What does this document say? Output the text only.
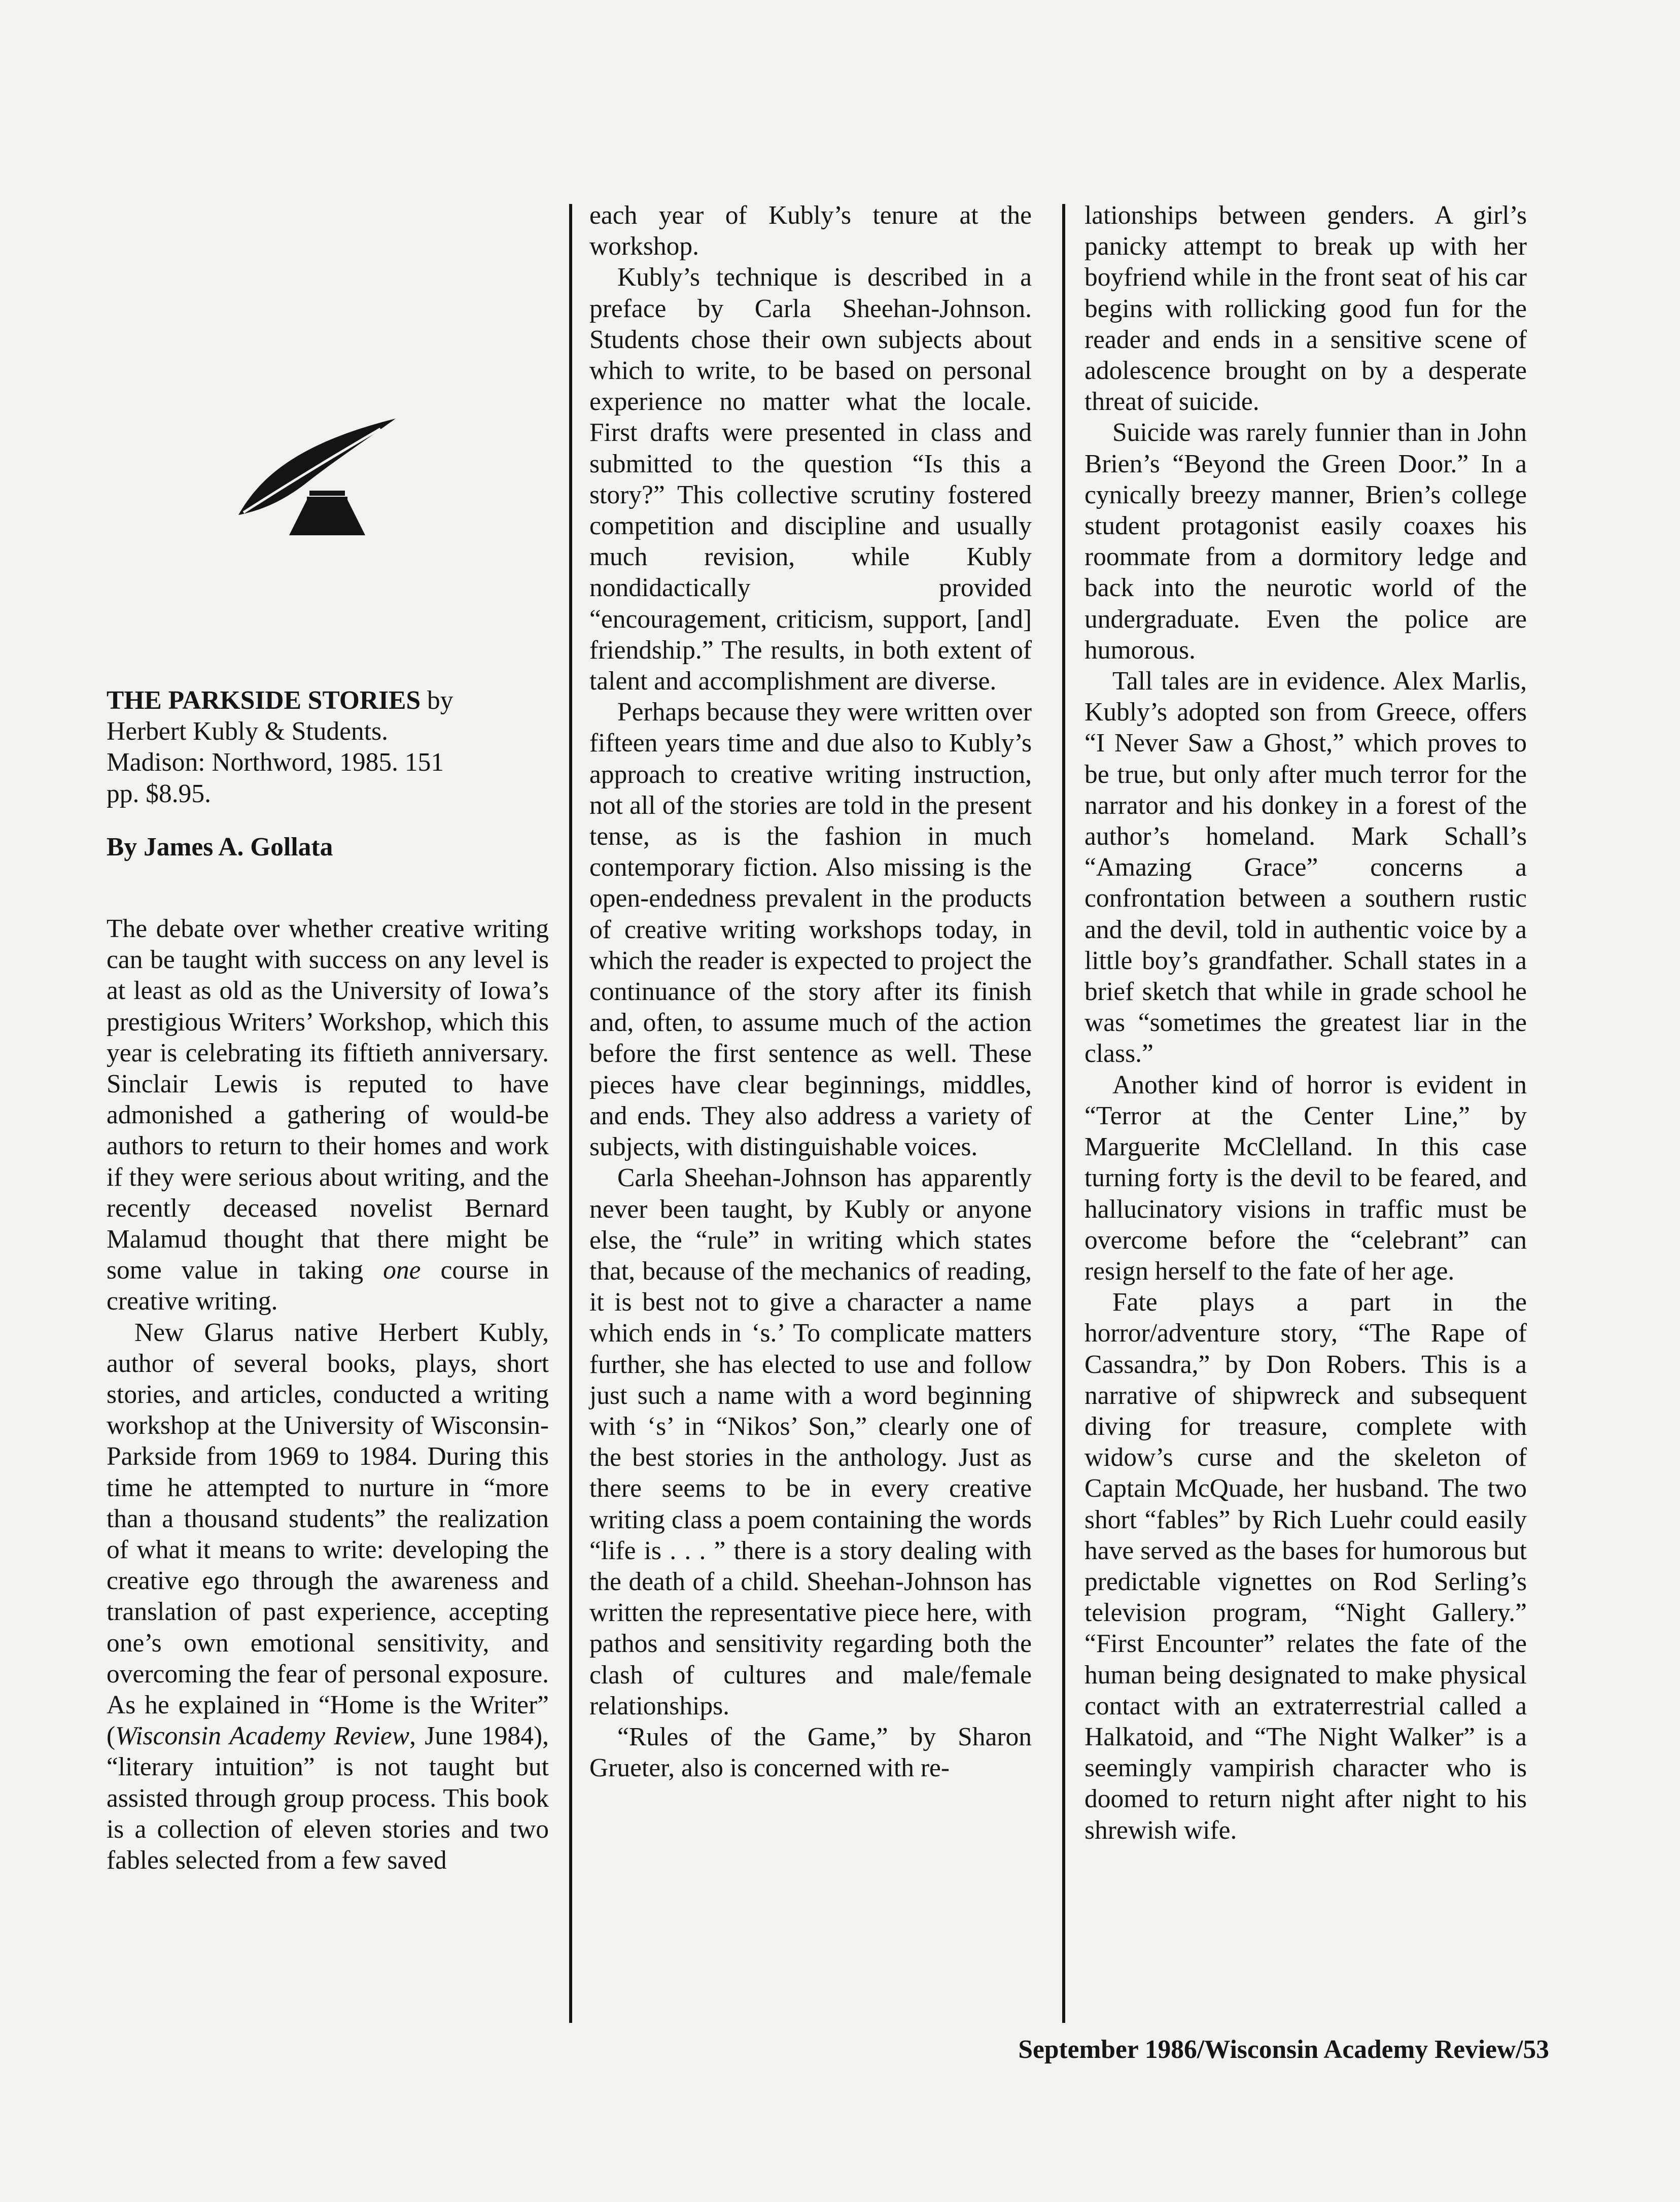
THE PARKSIDE STORIES by
Herbert Kubly & Students.
Madison: Northword, 1985. 151
pp. $8.95.
By James A. Gollata

The debate over whether creative writing can be taught with success on any level is at least as old as the University of Iowa’s prestigious Writers’ Workshop, which this year is celebrating its fiftieth anniversary. Sinclair Lewis is reputed to have admonished a gathering of would-be authors to return to their homes and work if they were serious about writing, and the recently deceased novelist Bernard Malamud thought that there might be some value in taking one course in creative writing.

New Glarus native Herbert Kubly, author of several books, plays, short stories, and articles, conducted a writing workshop at the University of Wisconsin-Parkside from 1969 to 1984. During this time he attempted to nurture in “more than a thousand students” the realization of what it means to write: developing the creative ego through the awareness and translation of past experience, accepting one’s own emotional sensitivity, and overcoming the fear of personal exposure. As he explained in “Home is the Writer” (Wisconsin Academy Review, June 1984), “literary intuition” is not taught but assisted through group process. This book is a collection of eleven stories and two fables selected from a few saved

each year of Kubly’s tenure at the workshop.

Kubly’s technique is described in a preface by Carla Sheehan-Johnson. Students chose their own subjects about which to write, to be based on personal experience no matter what the locale. First drafts were presented in class and submitted to the question “Is this a story?” This collective scrutiny fostered competition and discipline and usually much revision, while Kubly nondidactically provided “encouragement, criticism, support, [and] friendship.” The results, in both extent of talent and accomplishment are diverse.

Perhaps because they were written over fifteen years time and due also to Kubly’s approach to creative writing instruction, not all of the stories are told in the present tense, as is the fashion in much contemporary fiction. Also missing is the open-endedness prevalent in the products of creative writing workshops today, in which the reader is expected to project the continuance of the story after its finish and, often, to assume much of the action before the first sentence as well. These pieces have clear beginnings, middles, and ends. They also address a variety of subjects, with distinguishable voices.

Carla Sheehan-Johnson has apparently never been taught, by Kubly or anyone else, the “rule” in writing which states that, because of the mechanics of reading, it is best not to give a character a name which ends in ‘s.’ To complicate matters further, she has elected to use and follow just such a name with a word beginning with ‘s’ in “Nikos’ Son,” clearly one of the best stories in the anthology. Just as there seems to be in every creative writing class a poem containing the words “life is . . . ” there is a story dealing with the death of a child. Sheehan-Johnson has written the representative piece here, with pathos and sensitivity regarding both the clash of cultures and male/female relationships.

“Rules of the Game,” by Sharon Grueter, also is concerned with re-

lationships between genders. A girl’s panicky attempt to break up with her boyfriend while in the front seat of his car begins with rollicking good fun for the reader and ends in a sensitive scene of adolescence brought on by a desperate threat of suicide.

Suicide was rarely funnier than in John Brien’s “Beyond the Green Door.” In a cynically breezy manner, Brien’s college student protagonist easily coaxes his roommate from a dormitory ledge and back into the neurotic world of the undergraduate. Even the police are humorous.

Tall tales are in evidence. Alex Marlis, Kubly’s adopted son from Greece, offers “I Never Saw a Ghost,” which proves to be true, but only after much terror for the narrator and his donkey in a forest of the author’s homeland. Mark Schall’s “Amazing Grace” concerns a confrontation between a southern rustic and the devil, told in authentic voice by a little boy’s grandfather. Schall states in a brief sketch that while in grade school he was “sometimes the greatest liar in the class.”

Another kind of horror is evident in “Terror at the Center Line,” by Marguerite McClelland. In this case turning forty is the devil to be feared, and hallucinatory visions in traffic must be overcome before the “celebrant” can resign herself to the fate of her age.

Fate plays a part in the horror/adventure story, “The Rape of Cassandra,” by Don Robers. This is a narrative of shipwreck and subsequent diving for treasure, complete with widow’s curse and the skeleton of Captain McQuade, her husband. The two short “fables” by Rich Luehr could easily have served as the bases for humorous but predictable vignettes on Rod Serling’s television program, “Night Gallery.” “First Encounter” relates the fate of the human being designated to make physical contact with an extraterrestrial called a Halkatoid, and “The Night Walker” is a seemingly vampirish character who is doomed to return night after night to his shrewish wife.

September 1986/Wisconsin Academy Review/53
